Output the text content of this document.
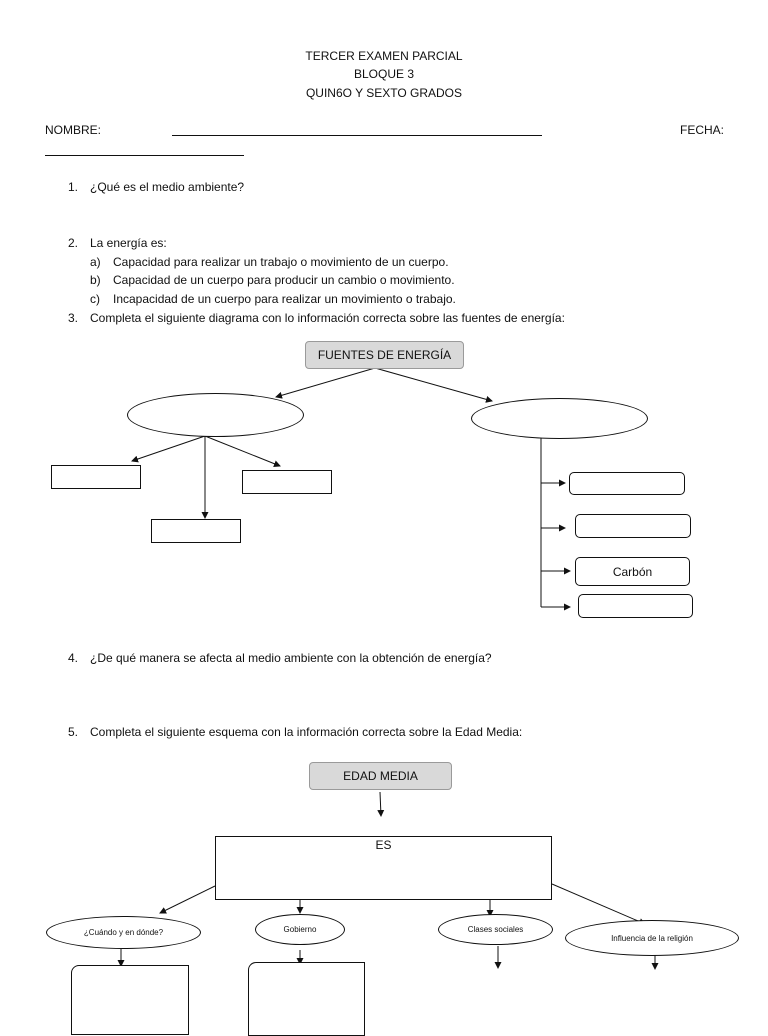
TERCER EXAMEN PARCIAL
BLOQUE 3
QUIN6O Y SEXTO GRADOS
NOMBRE:	FECHA:
1. ¿Qué es el medio ambiente?
2. La energía es:
a) Capacidad para realizar un trabajo o movimiento de un cuerpo.
b) Capacidad de un cuerpo para producir un cambio o movimiento.
c) Incapacidad de un cuerpo para realizar un movimiento o trabajo.
3. Completa el siguiente diagrama con lo información correcta sobre las fuentes de energía:
FUENTES DE ENERGÍA
Carbón
4. ¿De qué manera se afecta al medio ambiente con la obtención de energía?
5. Completa el siguiente esquema con la información correcta sobre la Edad Media:
EDAD MEDIA
ES
¿Cuándo y en dónde?	Gobierno	Clases sociales
Influencia de la religión
